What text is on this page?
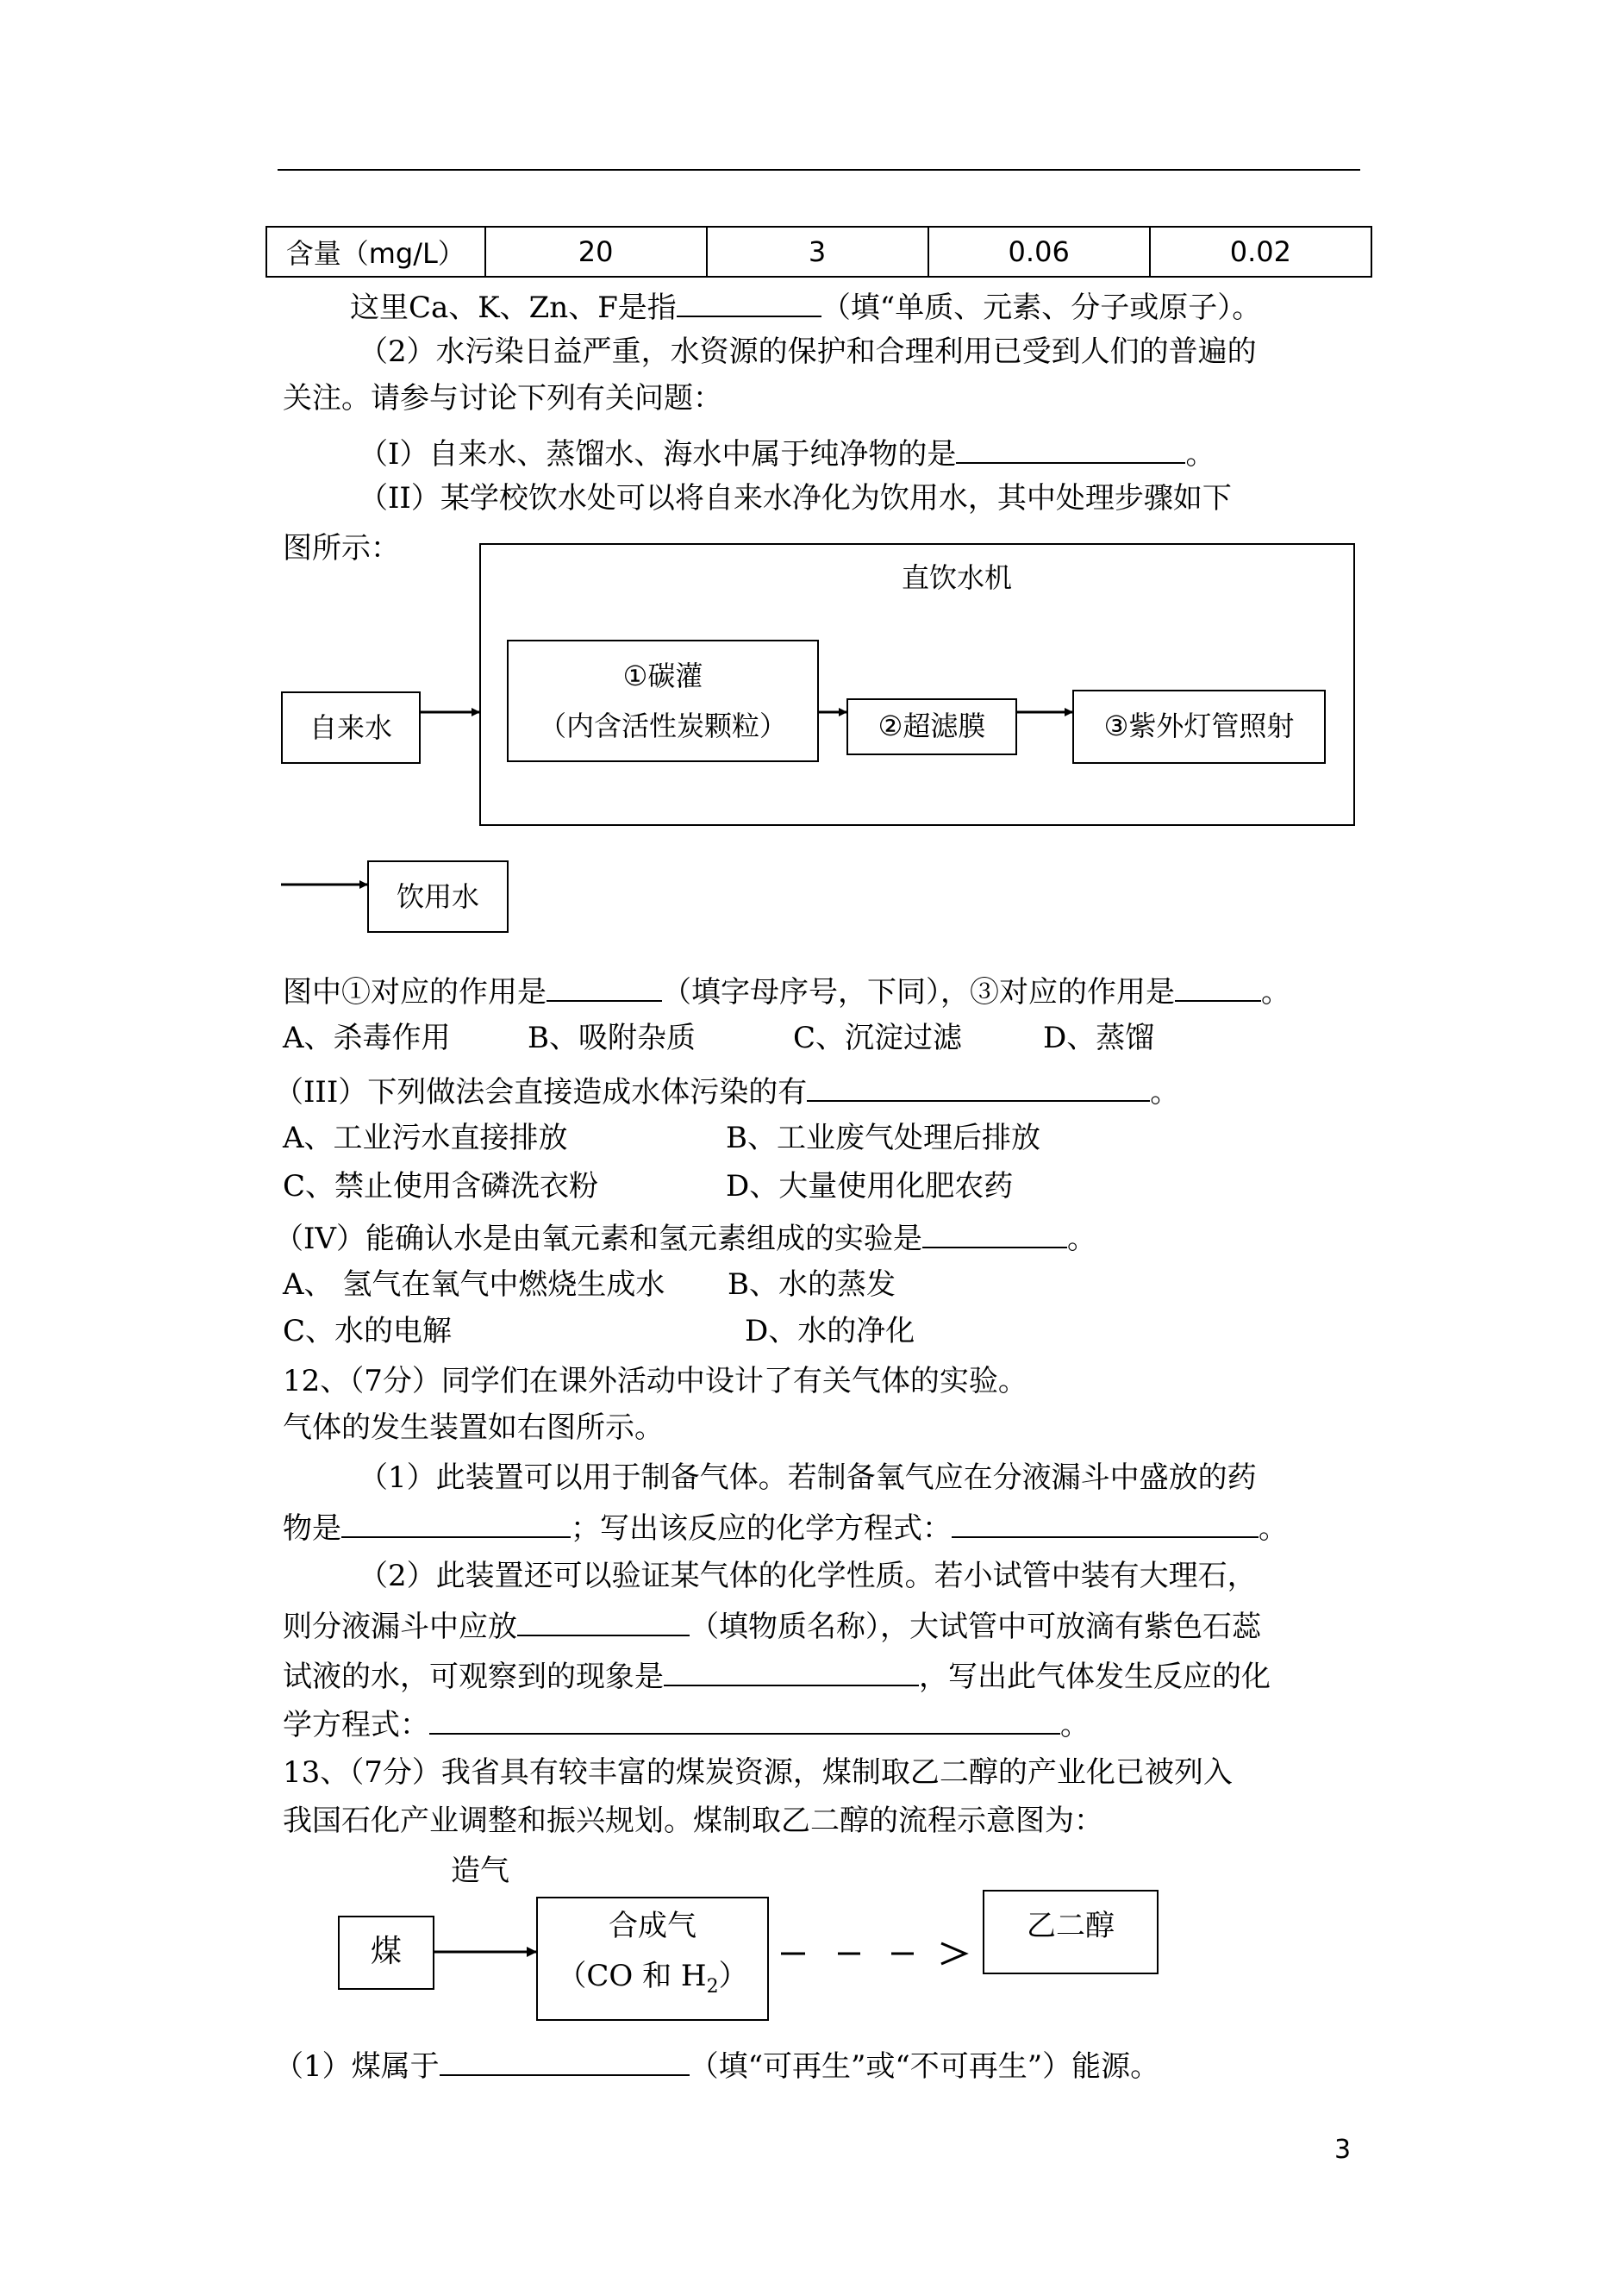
含量（mg/L）	20	3	0.06	0.02
这里Ca、K、Zn、F是指	（填“单质、元素、分子或原子）。
（2）水污染日益严重，水资源的保护和合理利用已受到人们的普遍的
关注。请参与讨论下列有关问题：
（I）自来水、蒸馏水、海水中属于纯净物的是	。
（II）某学校饮水处可以将自来水净化为饮用水，其中处理步骤如下
图所示：
直饮水机
自来水
①碳灌
（内含活性炭颗粒）	②超滤膜	③紫外灯管照射
饮用水
图中①对应的作用是	（填字母序号，下同），③对应的作用是	。
A、杀毒作用	B、吸附杂质	C、沉淀过滤	D、蒸馏
（III）下列做法会直接造成水体污染的有	。
A、工业污水直接排放	B、工业废气处理后排放
C、禁止使用含磷洗衣粉	D、大量使用化肥农药
（IV）能确认水是由氧元素和氢元素组成的实验是	。
A、 氢气在氧气中燃烧生成水 B、水的蒸发
C、水的电解	D、水的净化
12、（7分）同学们在课外活动中设计了有关气体的实验。
气体的发生装置如右图所示。
（1）此装置可以用于制备气体。若制备氧气应在分液漏斗中盛放的药
物是	；写出该反应的化学方程式：	。
（2）此装置还可以验证某气体的化学性质。若小试管中装有大理石，
则分液漏斗中应放	（填物质名称），大试管中可放滴有紫色石蕊
试液的水，可观察到的现象是	，写出此气体发生反应的化
学方程式：	。
13、（7分）我省具有较丰富的煤炭资源，煤制取乙二醇的产业化已被列入
我国石化产业调整和振兴规划。煤制取乙二醇的流程示意图为：
造气
煤
合成气
（CO 和 $H_2$）
乙二醇
（1）煤属于	（填“可再生”或“不可再生”）能源。
3
